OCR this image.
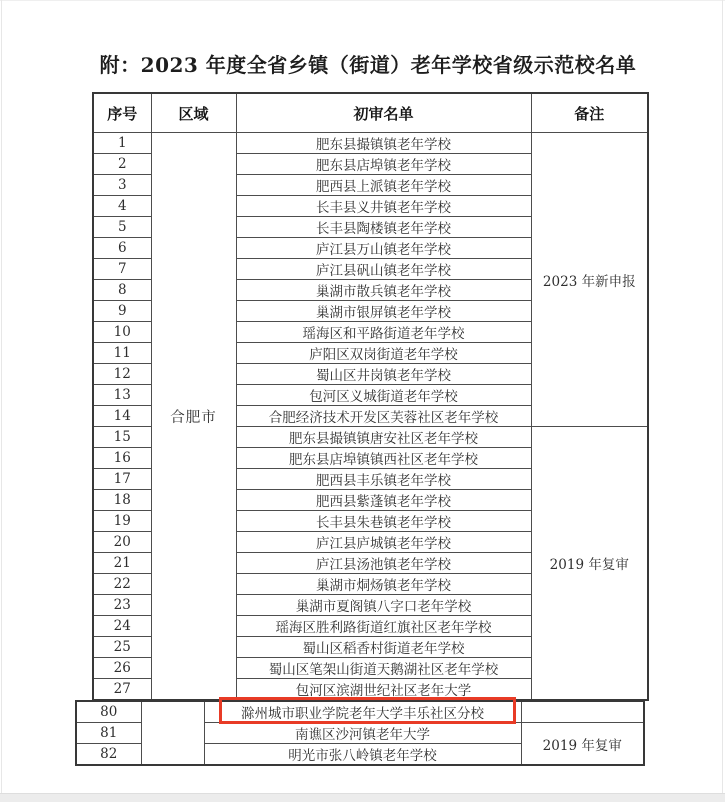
附：2023 年度全省乡镇（街道）老年学校省级示范校名单
序号	区域	初审名单	备注
1	合肥市	肥东县撮镇镇老年学校	2023 年新申报
2		肥东县店埠镇老年学校	
3		肥西县上派镇老年学校	
4		长丰县义井镇老年学校	
5		长丰县陶楼镇老年学校	
6		庐江县万山镇老年学校	
7		庐江县矾山镇老年学校	
8		巢湖市散兵镇老年学校	
9		巢湖市银屏镇老年学校	
10		瑶海区和平路街道老年学校	
11		庐阳区双岗街道老年学校	
12		蜀山区井岗镇老年学校	
13		包河区义城街道老年学校	
14		合肥经济技术开发区芙蓉社区老年学校	
15		肥东县撮镇镇唐安社区老年学校	2019 年复审
16		肥东县店埠镇镇西社区老年学校	
17		肥西县丰乐镇老年学校	
18		肥西县紫蓬镇老年学校	
19		长丰县朱巷镇老年学校	
20		庐江县庐城镇老年学校	
21		庐江县汤池镇老年学校	
22		巢湖市烔炀镇老年学校	
23		巢湖市夏阁镇八字口老年学校	
24		瑶海区胜利路街道红旗社区老年学校	
25		蜀山区稻香村街道老年学校	
26		蜀山区笔架山街道天鹅湖社区老年学校	
27		包河区滨湖世纪社区老年大学	
80		滁州城市职业学院老年大学丰乐社区分校	
81		南谯区沙河镇老年大学	2019 年复审
82		明光市张八岭镇老年学校	
